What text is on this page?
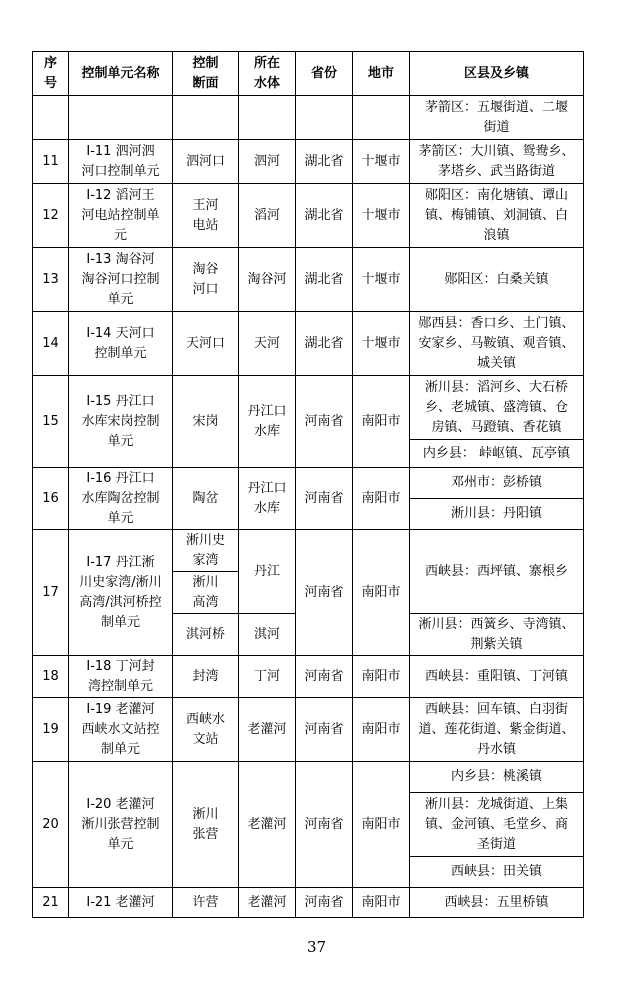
序
号	控制单元名称	控制
断面	所在
水体	省份	地市	区县及乡镇
						茅箭区：五堰街道、二堰
街道
11	Ⅰ-11 泗河泗
河口控制单元	泗河口	泗河	湖北省	十堰市	茅箭区：大川镇、鸳鸯乡、
茅塔乡、武当路街道
12	Ⅰ-12 滔河王
河电站控制单
元	王河
电站	滔河	湖北省	十堰市	郧阳区：南化塘镇、谭山
镇、梅铺镇、刘洞镇、白
浪镇
13	Ⅰ-13 淘谷河
淘谷河口控制
单元	淘谷
河口	淘谷河	湖北省	十堰市	郧阳区：白桑关镇
14	Ⅰ-14 天河口
控制单元	天河口	天河	湖北省	十堰市	郧西县：香口乡、土门镇、
安家乡、马鞍镇、观音镇、
城关镇
15	Ⅰ-15 丹江口
水库宋岗控制
单元	宋岗	丹江口
水库	河南省	南阳市	淅川县：滔河乡、大石桥
乡、老城镇、盛湾镇、仓
房镇、马蹬镇、香花镇
						内乡县： 峠岖镇、瓦亭镇
16	Ⅰ-16 丹江口
水库陶岔控制
单元	陶岔	丹江口
水库	河南省	南阳市	邓州市：彭桥镇
						淅川县：丹阳镇
17	Ⅰ-17 丹江淅
川史家湾/淅川
高湾/淇河桥控
制单元	淅川史
家湾	丹江	河南省	南阳市	西峡县：西坪镇、寨根乡
		淅川
高湾				
		淇河桥	淇河			淅川县：西簧乡、寺湾镇、
荆紫关镇
18	Ⅰ-18 丁河封
湾控制单元	封湾	丁河	河南省	南阳市	西峡县：重阳镇、丁河镇
19	Ⅰ-19 老灌河
西峡水文站控
制单元	西峡水
文站	老灌河	河南省	南阳市	西峡县：回车镇、白羽街
道、莲花街道、紫金街道、
丹水镇
20	Ⅰ-20 老灌河
淅川张营控制
单元	淅川
张营	老灌河	河南省	南阳市	内乡县：桃溪镇
						淅川县：龙城街道、上集
镇、金河镇、毛堂乡、商
圣街道
						西峡县：田关镇
21	Ⅰ-21 老灌河	许营	老灌河	河南省	南阳市	西峡县：五里桥镇
37
